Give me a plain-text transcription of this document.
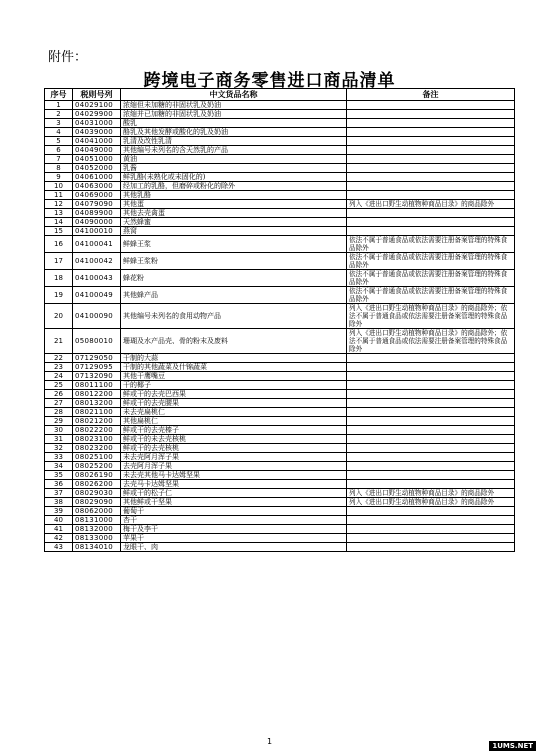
附件：
跨境电子商务零售进口商品清单
序号	税则号列	中文货品名称	备注
1	04029100	浓缩但未加糖的非固状乳及奶油	
2	04029900	浓缩并已加糖的非固状乳及奶油	
3	04031000	酸乳	
4	04039000	酪乳及其他发酵或酸化的乳及奶油	
5	04041000	乳清及改性乳清	
6	04049000	其他编号未列名的含天然乳的产品	
7	04051000	黄油	
8	04052000	乳酱	
9	04061000	鲜乳酪(未熟化或未固化的)	
10	04063000	经加工的乳酪，但磨碎或粉化的除外	
11	04069000	其他乳酪	
12	04079090	其他蛋	列入《进出口野生动植物种商品目录》的商品除外
13	04089900	其他去壳禽蛋	
14	04090000	天然蜂蜜	
15	04100010	燕窝	
16	04100041	鲜蜂王浆	依法不属于普通食品或依法需要注册备案管理的特殊食品除外
17	04100042	鲜蜂王浆粉	依法不属于普通食品或依法需要注册备案管理的特殊食品除外
18	04100043	蜂花粉	依法不属于普通食品或依法需要注册备案管理的特殊食品除外
19	04100049	其他蜂产品	依法不属于普通食品或依法需要注册备案管理的特殊食品除外
20	04100090	其他编号未列名的食用动物产品	列入《进出口野生动植物种商品目录》的商品除外；依法不属于普通食品或依法需要注册备案管理的特殊食品除外
21	05080010	珊瑚及水产品壳、骨的粉末及废料	列入《进出口野生动植物种商品目录》的商品除外；依法不属于普通食品或依法需要注册备案管理的特殊食品除外
22	07129050	干制的大蒜	
23	07129095	干制的其他蔬菜及什锦蔬菜	
24	07132090	其他干鹰嘴豆	
25	08011100	干的椰子	
26	08012200	鲜或干的去壳巴西果	
27	08013200	鲜或干的去壳腰果	
28	08021100	未去壳扁桃仁	
29	08021200	其他扁桃仁	
30	08022200	鲜或干的去壳榛子	
31	08023100	鲜或干的未去壳核桃	
32	08023200	鲜或干的去壳核桃	
33	08025100	未去壳阿月浑子果	
34	08025200	去壳阿月浑子果	
35	08026190	未去壳其他马卡达姆坚果	
36	08026200	去壳马卡达姆坚果	
37	08029030	鲜或干的松子仁	列入《进出口野生动植物种商品目录》的商品除外
38	08029090	其他鲜或干坚果	列入《进出口野生动植物种商品目录》的商品除外
39	08062000	葡萄干	
40	08131000	杏干	
41	08132000	梅干及李干	
42	08133000	苹果干	
43	08134010	龙眼干、肉	
1	1UMS.NET
